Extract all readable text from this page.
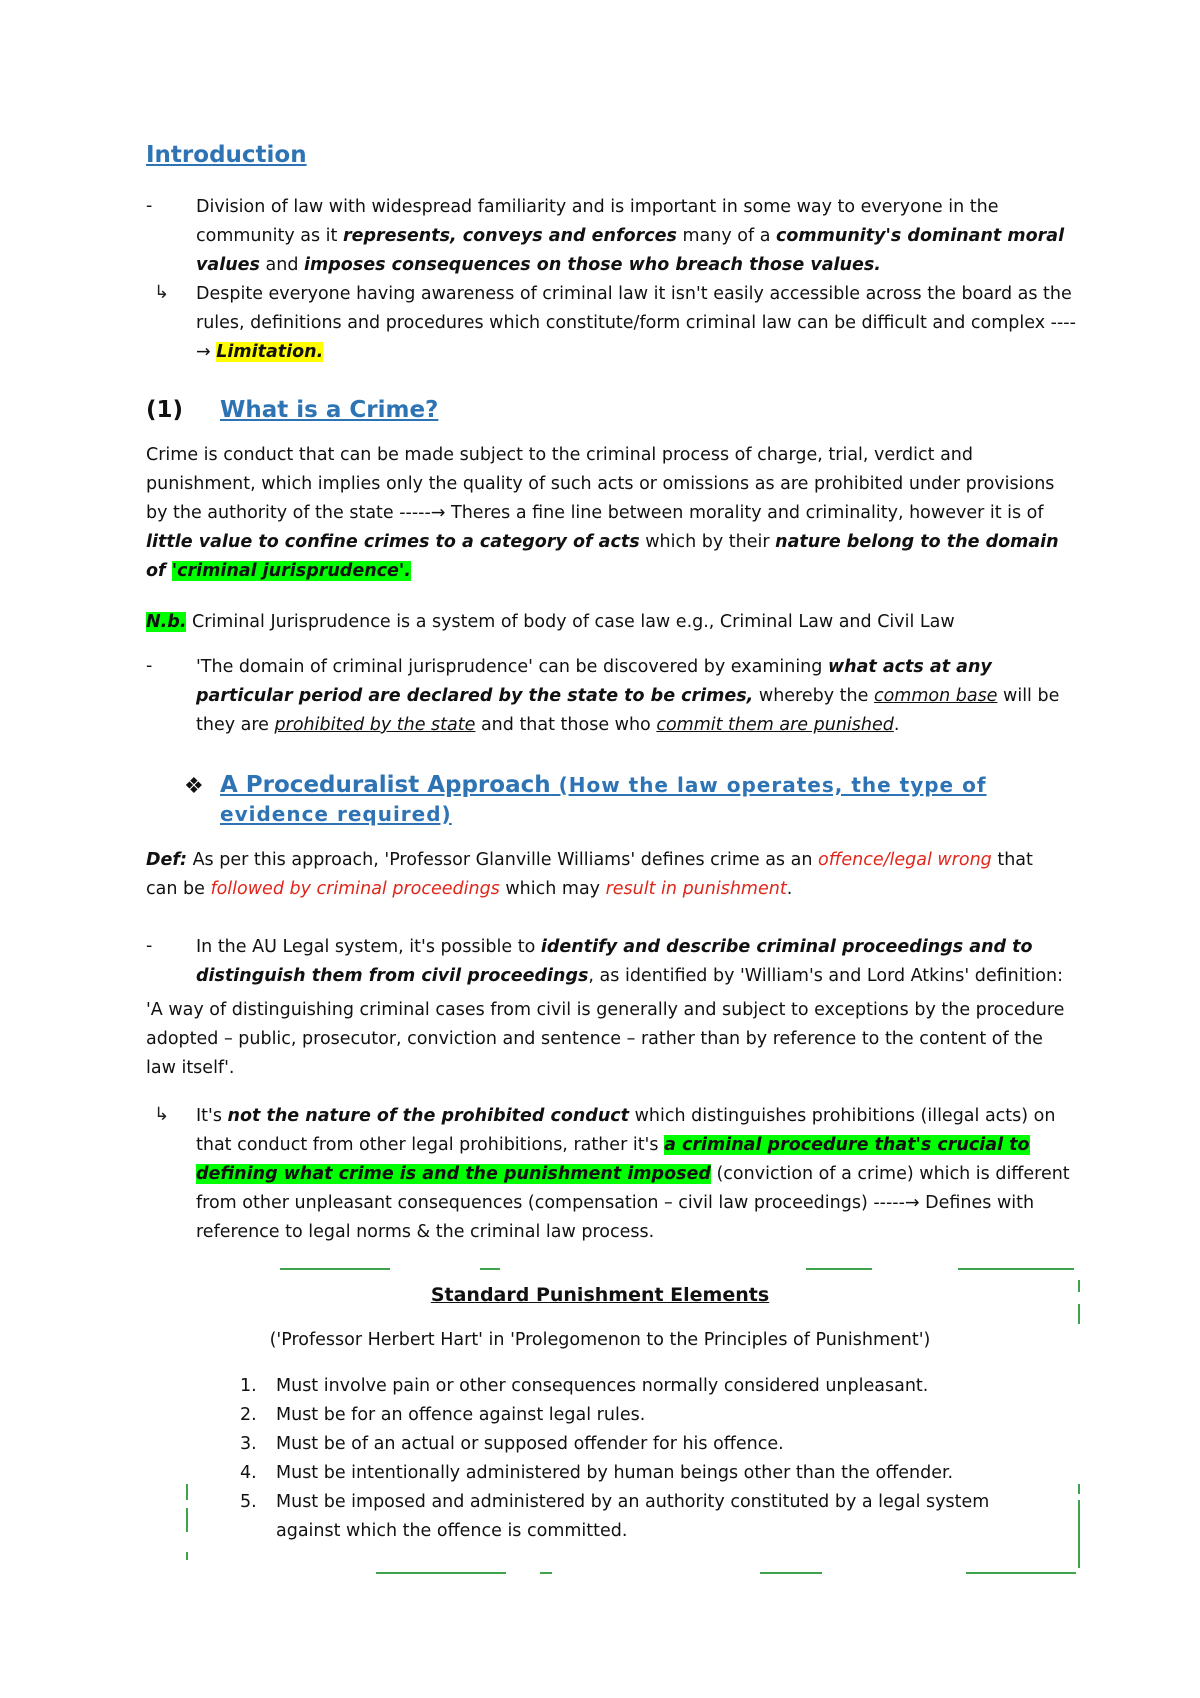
Introduction
- Division of law with widespread familiarity and is important in some way to everyone in the community as it represents, conveys and enforces many of a community's dominant moral values and imposes consequences on those who breach those values.

↳ Despite everyone having awareness of criminal law it isn't easily accessible across the board as the rules, definitions and procedures which constitute/form criminal law can be difficult and complex ----→ Limitation.

(1) What is a Crime?

Crime is conduct that can be made subject to the criminal process of charge, trial, verdict and punishment, which implies only the quality of such acts or omissions as are prohibited under provisions by the authority of the state -----→ Theres a fine line between morality and criminality, however it is of little value to confine crimes to a category of acts which by their nature belong to the domain of 'criminal jurisprudence'.

N.b. Criminal Jurisprudence is a system of body of case law e.g., Criminal Law and Civil Law

- 'The domain of criminal jurisprudence' can be discovered by examining what acts at any particular period are declared by the state to be crimes, whereby the common base will be they are prohibited by the state and that those who commit them are punished.

❖ A Proceduralist Approach (How the law operates, the type of evidence required)

Def: As per this approach, 'Professor Glanville Williams' defines crime as an offence/legal wrong that can be followed by criminal proceedings which may result in punishment.

- In the AU Legal system, it's possible to identify and describe criminal proceedings and to distinguish them from civil proceedings, as identified by 'William's and Lord Atkins' definition:

'A way of distinguishing criminal cases from civil is generally and subject to exceptions by the procedure adopted – public, prosecutor, conviction and sentence – rather than by reference to the content of the law itself'.

↳ It's not the nature of the prohibited conduct which distinguishes prohibitions (illegal acts) on that conduct from other legal prohibitions, rather it's a criminal procedure that's crucial to defining what crime is and the punishment imposed (conviction of a crime) which is different from other unpleasant consequences (compensation – civil law proceedings) -----→ Defines with reference to legal norms & the criminal law process.

Standard Punishment Elements

('Professor Herbert Hart' in 'Prolegomenon to the Principles of Punishment')

1. Must involve pain or other consequences normally considered unpleasant.
2. Must be for an offence against legal rules.
3. Must be of an actual or supposed offender for his offence.
4. Must be intentionally administered by human beings other than the offender.
5. Must be imposed and administered by an authority constituted by a legal system against which the offence is committed.
